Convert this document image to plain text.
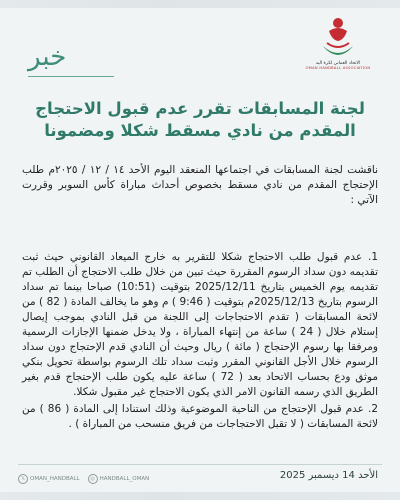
خبر	الاتحاد العماني لكرة اليد
OMAN HANDBALL ASSOCIATION
لجنة المسابقات تقرر عدم قبول الاحتجاج المقدم من نادي مسقط شكلا ومضمونا
ناقشت لجنة المسابقات في اجتماعها المنعقد اليوم الأحد ١٤ / ١٢ / ٢٠٢٥م طلب الإحتجاج المقدم من نادي مسقط بخصوص أحداث مباراة كأس السوبر وقررت الآتي :
1. عدم قبول طلب الاحتجاج شكلا للتقرير به خارج الميعاد القانوني حيث ثبت تقديمه دون سداد الرسوم المقررة حيث تبين من خلال طلب الاحتجاج أن الطلب تم تقديمه يوم الخميس بتاريخ 2025/12/11 بتوقيت (10:51) صباحا بينما تم سداد الرسوم بتاريخ 2025/12/13م بتوقيت ( 9:46 ) م وهو ما يخالف المادة ( 82 ) من لائحة المسابقات ( تقدم الاحتجاجات إلى اللجنة من قبل النادي بموجب إيصال إستلام خلال ( 24 ) ساعة من إنتهاء المباراة ، ولا يدخل ضمنها الإجازات الرسمية ومرفقا بها رسوم الإحتجاج ( مائة ) ريال وحيث أن النادي قدم الإحتجاج دون سداد الرسوم خلال الأجل القانوني المقرر وثبت سداد تلك الرسوم بواسطة تحويل بنكي موثق ودع بحساب الاتحاد بعد ( 72 ) ساعة عليه يكون طلب الإحتجاج قدم بغير الطريق الذي رسمه القانون الامر الذي يكون الاحتجاج غير مقبول شكلا.
2. عدم قبول الإحتجاج من الناحية الموضوعية وذلك استنادا إلى المادة ( 86 ) من لائحة المسابقات ( لا تقبل الاحتجاجات من فريق منسحب من المباراة ) .
𝕏 OMAN_HANDBALL	◎ HANDBALL_OMAN	الأحد 14 ديسمبر 2025
